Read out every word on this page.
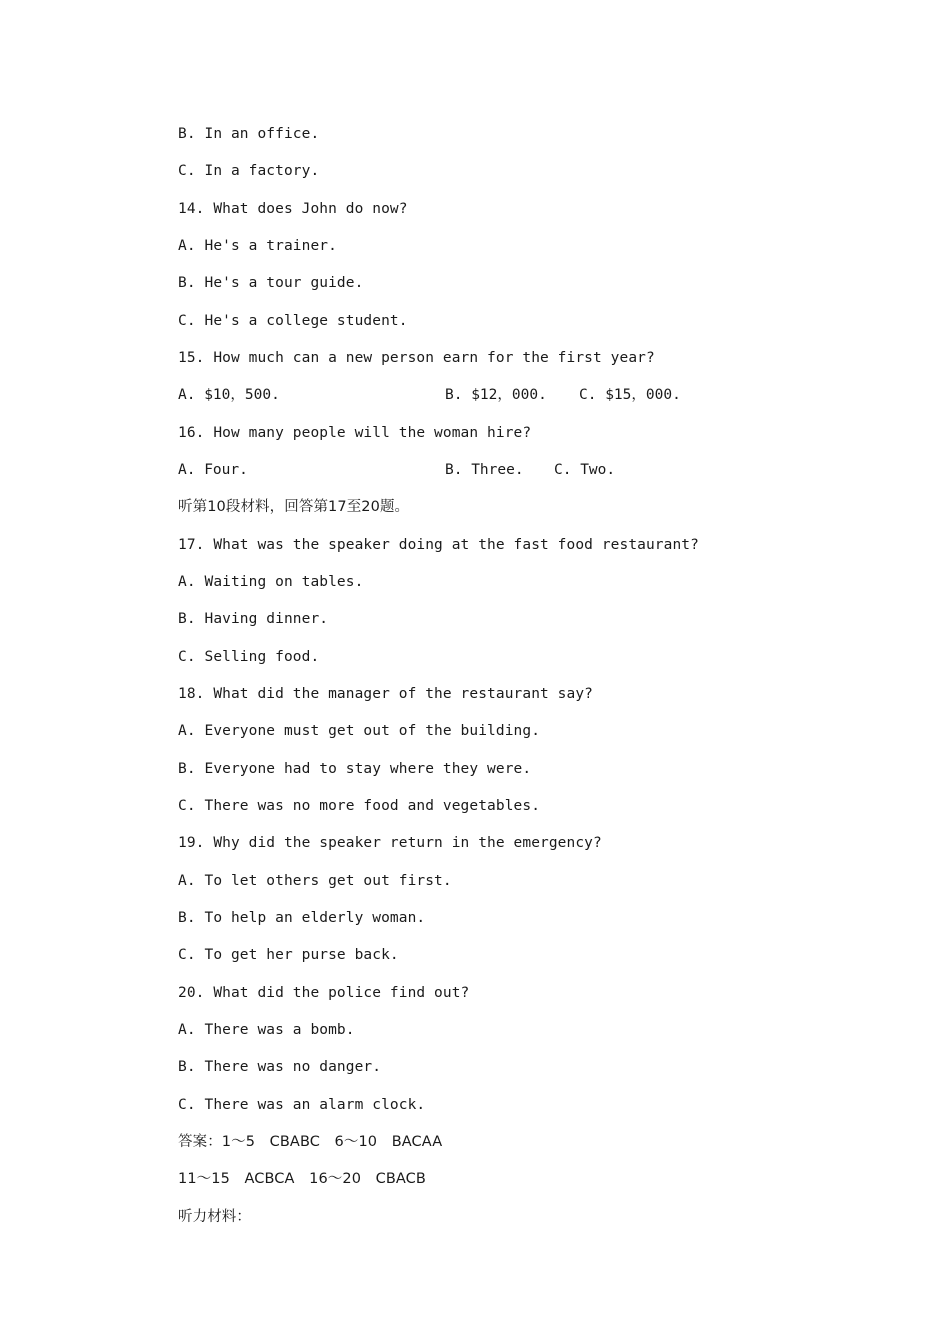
B. In an office.
C. In a factory.
14. What does John do now?
A. He's a trainer.
B. He's a tour guide.
C. He's a college student.
15. How much can a new person earn for the first year?

A. $10，500.

	B. $12，000.

C. $15，000.

16. How many people will the woman hire?

A. Four.

	B. Three.

C. Two.

听第10段材料，回答第17至20题。
17. What was the speaker doing at the fast food restaurant?
A. Waiting on tables.
B. Having dinner.
C. Selling food.
18. What did the manager of the restaurant say?
A. Everyone must get out of the building.
B. Everyone had to stay where they were.
C. There was no more food and vegetables.
19. Why did the speaker return in the emergency?
A. To let others get out first.
B. To help an elderly woman.
C. To get her purse back.
20. What did the police find out?
A. There was a bomb.
B. There was no danger.
C. There was an alarm clock.
答案：1～5　CBABC　6～10　BACAA
11～15　ACBCA　16～20　CBACB
听力材料：
